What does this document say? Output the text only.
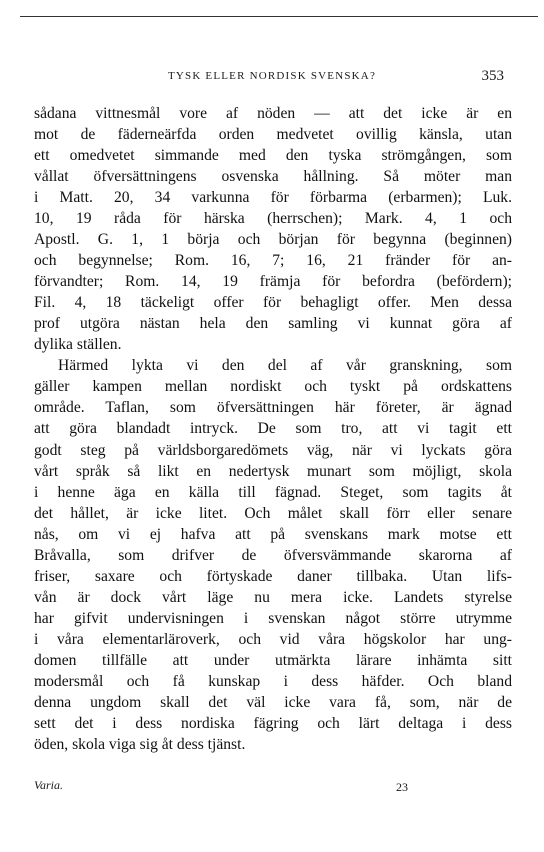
TYSK ELLER NORDISK SVENSKA?	353
sådana vittnesmål vore af nöden — att det icke är en
mot de fäderneärfda orden medvetet ovillig känsla, utan
ett omedvetet simmande med den tyska strömgången, som
vållat öfversättningens osvenska hållning. Så möter man
i Matt. 20, 34 varkunna för förbarma (erbarmen); Luk.
10, 19 råda för härska (herrschen); Mark. 4, 1 och
Apostl. G. 1, 1 börja och början för begynna (beginnen)
och begynnelse; Rom. 16, 7; 16, 21 fränder för an-
förvandter; Rom. 14, 19 främja för befordra (befördern);
Fil. 4, 18 täckeligt offer för behagligt offer. Men dessa
prof utgöra nästan hela den samling vi kunnat göra af
dylika ställen.
Härmed lykta vi den del af vår granskning, som
gäller kampen mellan nordiskt och tyskt på ordskattens
område. Taflan, som öfversättningen här företer, är ägnad
att göra blandadt intryck. De som tro, att vi tagit ett
godt steg på världsborgaredömets väg, när vi lyckats göra
vårt språk så likt en nedertysk munart som möjligt, skola
i henne äga en källa till fägnad. Steget, som tagits åt
det hållet, är icke litet. Och målet skall förr eller senare
nås, om vi ej hafva att på svenskans mark motse ett
Bråvalla, som drifver de öfversvämmande skarorna af
friser, saxare och förtyskade daner tillbaka. Utan lifs-
vån är dock vårt läge nu mera icke. Landets styrelse
har gifvit undervisningen i svenskan något större utrymme
i våra elementarläroverk, och vid våra högskolor har ung-
domen tillfälle att under utmärkta lärare inhämta sitt
modersmål och få kunskap i dess häfder. Och bland
denna ungdom skall det väl icke vara få, som, när de
sett det i dess nordiska fägring och lärt deltaga i dess
öden, skola viga sig åt dess tjänst.
Varia.	23
